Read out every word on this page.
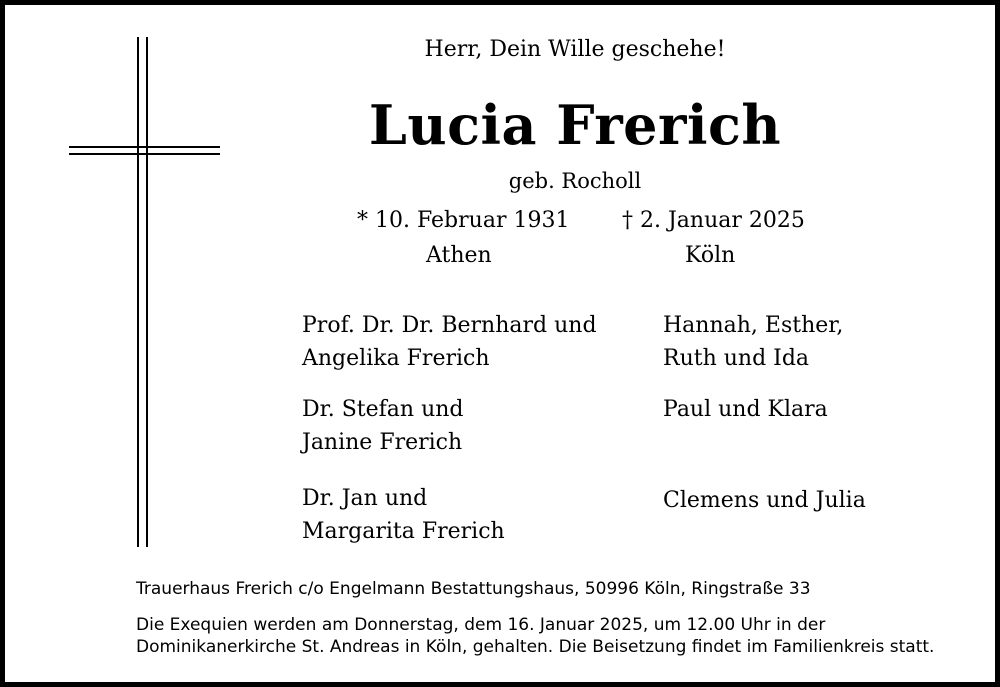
Herr, Dein Wille geschehe!
Lucia Frerich
geb. Rocholl
* 10. Februar 1931
Athen
† 2. Januar 2025
Köln
Prof. Dr. Dr. Bernhard und
Angelika Frerich
Dr. Stefan und
Janine Frerich
Dr. Jan und
Margarita Frerich
Hannah, Esther,
Ruth und Ida
Paul und Klara
Clemens und Julia
Trauerhaus Frerich c/o Engelmann Bestattungshaus, 50996 Köln, Ringstraße 33
Die Exequien werden am Donnerstag, dem 16. Januar 2025, um 12.00 Uhr in der
Dominikanerkirche St. Andreas in Köln, gehalten. Die Beisetzung findet im Familienkreis statt.
